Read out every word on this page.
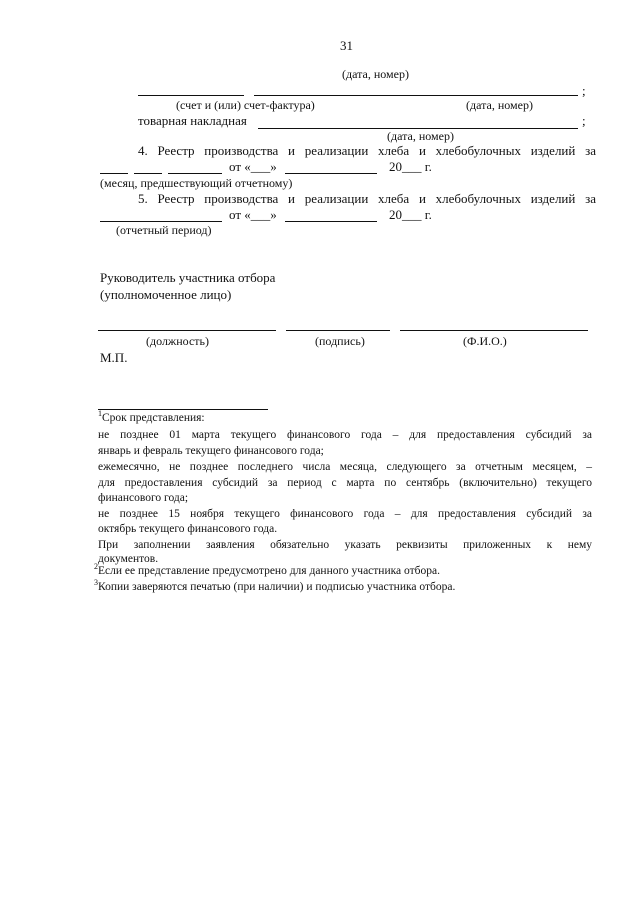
31
(дата, номер)
;
(счет и (или) счет-фактура)	(дата, номер)
товарная накладная	;
(дата, номер)
4. Реестр производства и реализации хлеба и хлебобулочных изделий за
от «___»	20___ г.
(месяц, предшествующий отчетному)
5. Реестр производства и реализации хлеба и хлебобулочных изделий за
от «___»	20___ г.
(отчетный период)
Руководитель участника отбора
(уполномоченное лицо)
(должность)	(подпись)	(Ф.И.О.)
М.П.
$^1$Срок представления:
не позднее 01 марта текущего финансового года – для предоставления субсидий за
январь и февраль текущего финансового года;
ежемесячно, не позднее последнего числа месяца, следующего за отчетным месяцем, –
для предоставления субсидий за период с марта по сентябрь (включительно) текущего
финансового года;
не позднее 15 ноября текущего финансового года – для предоставления субсидий за
октябрь текущего финансового года.
При заполнении заявления обязательно указать реквизиты приложенных к нему
документов.
$^2$Если ее представление предусмотрено для данного участника отбора.
$^3$Копии заверяются печатью (при наличии) и подписью участника отбора.
